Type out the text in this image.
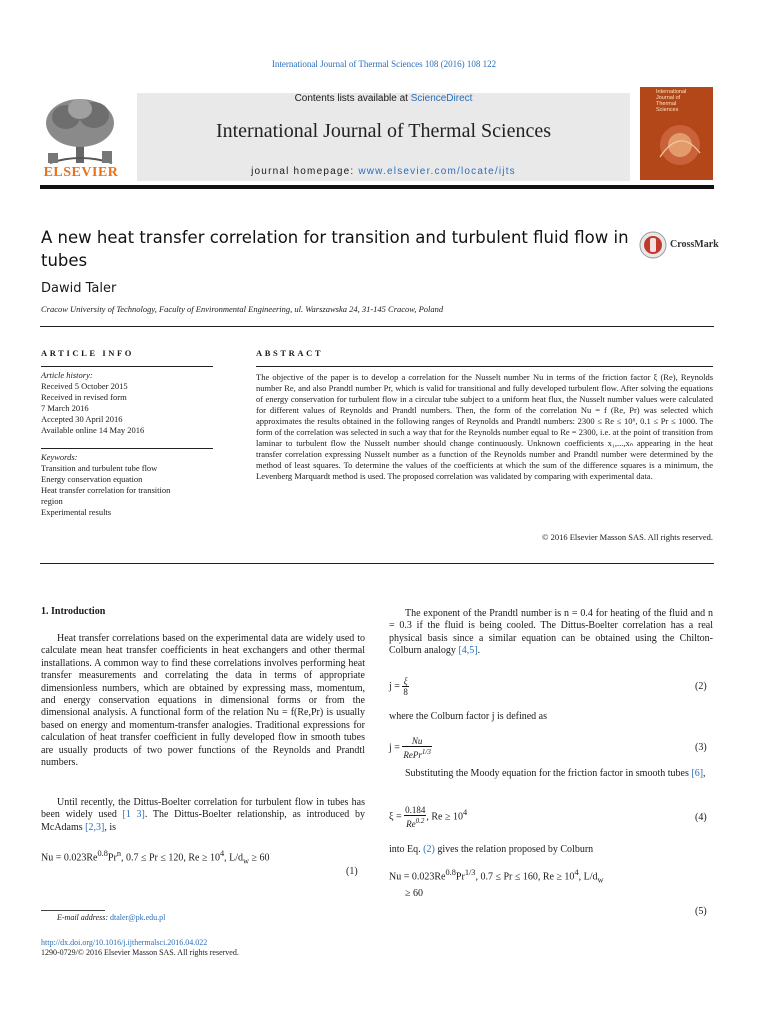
International Journal of Thermal Sciences 108 (2016) 108 122
ELSEVIER
Contents lists available at ScienceDirect
International Journal of Thermal Sciences
journal homepage: www.elsevier.com/locate/ijts
International
Journal of
Thermal
Sciences
A new heat transfer correlation for transition and turbulent fluid flow in tubes
CrossMark
Dawid Taler
Cracow University of Technology, Faculty of Environmental Engineering, ul. Warszawska 24, 31-145 Cracow, Poland
ARTICLE INFO
Article history:
Received 5 October 2015
Received in revised form
7 March 2016
Accepted 30 April 2016
Available online 14 May 2016
Keywords:
Transition and turbulent tube flow
Energy conservation equation
Heat transfer correlation for transition
region
Experimental results
ABSTRACT
The objective of the paper is to develop a correlation for the Nusselt number Nu in terms of the friction factor ξ (Re), Reynolds number Re, and also Prandtl number Pr, which is valid for transitional and fully developed turbulent flow. After solving the equations of energy conservation for turbulent flow in a circular tube subject to a uniform heat flux, the Nusselt number values were calculated for different values of Reynolds and Prandtl numbers. Then, the form of the correlation Nu = f (Re, Pr) was selected which approximates the results obtained in the following ranges of Reynolds and Prandtl numbers: 2300 ≤ Re ≤ 10⁶, 0.1 ≤ Pr ≤ 1000. The form of the correlation was selected in such a way that for the Reynolds number equal to Re = 2300, i.e. at the point of transition from laminar to turbulent flow the Nusselt number should change continuously. Unknown coefficients x₁,...,xₙ appearing in the heat transfer correlation expressing Nusselt number as a function of the Reynolds number and Prandtl number were determined by the method of least squares. To determine the values of the coefficients at which the sum of the difference squares is a minimum, the Levenberg Marquardt method is used. The proposed correlation was validated by comparing with experimental data.
© 2016 Elsevier Masson SAS. All rights reserved.
1. Introduction
Heat transfer correlations based on the experimental data are widely used to calculate mean heat transfer coefficients in heat exchangers and other thermal installations. A common way to find these correlations involves performing heat transfer measurements and correlating the data in terms of appropriate dimensionless numbers, which are obtained by expressing mass, momentum, and energy conservation equations in dimensional forms or from the dimensional analysis. A functional form of the relation Nu = f(Re,Pr) is usually based on energy and momentum-transfer analogies. Traditional expressions for calculation of heat transfer coefficient in fully developed flow in smooth tubes are usually products of two power functions of the Reynolds and Prandtl numbers.
Until recently, the Dittus-Boelter correlation for turbulent flow in tubes has been widely used [1 3]. The Dittus-Boelter relationship, as introduced by McAdams [2,3], is
$Nu = 0.023Re^{0.8}Pr^n$, 0.7 ≤ Pr ≤ 120, $Re \ge 10^4$, $L/d_w \ge 60$
(1)
E-mail address: dtaler@pk.edu.pl
http://dx.doi.org/10.1016/j.ijthermalsci.2016.04.022
1290-0729/© 2016 Elsevier Masson SAS. All rights reserved.
The exponent of the Prandtl number is n = 0.4 for heating of the fluid and n = 0.3 if the fluid is being cooled. The Dittus-Boelter correlation has a real physical basis since a similar equation can be obtained using the Chilton-Colburn analogy [4,5].
$j = \frac{\xi}{8}$	(2)
where the Colburn factor j is defined as
$j = \frac{Nu}{RePr^{1/3}}$	(3)
Substituting the Moody equation for the friction factor in smooth tubes [6],
$\xi = \frac{0.184}{Re^{0.2}}$ , $Re \ge 10^4$	(4)
into Eq. (2) gives the relation proposed by Colburn
$Nu = 0.023Re^{0.8}Pr^{1/3}$, 0.7 ≤ Pr ≤ 160, $Re \ge 10^4$, $L/d_w$
≥ 60
(5)
